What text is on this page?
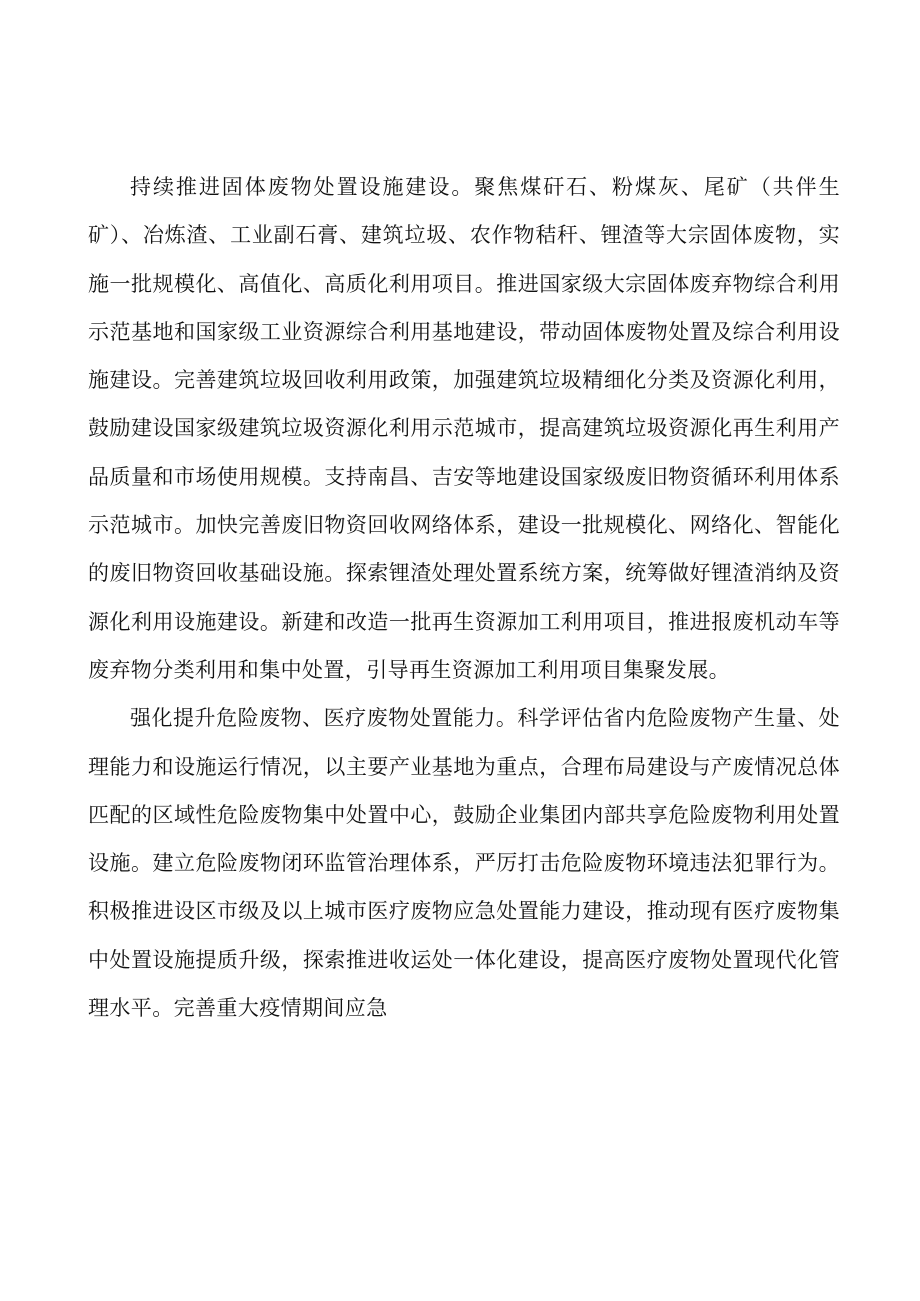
持续推进固体废物处置设施建设。聚焦煤矸石、粉煤灰、尾矿（共伴生矿）、冶炼渣、工业副石膏、建筑垃圾、农作物秸秆、锂渣等大宗固体废物，实施一批规模化、高值化、高质化利用项目。推进国家级大宗固体废弃物综合利用示范基地和国家级工业资源综合利用基地建设，带动固体废物处置及综合利用设施建设。完善建筑垃圾回收利用政策，加强建筑垃圾精细化分类及资源化利用，鼓励建设国家级建筑垃圾资源化利用示范城市，提高建筑垃圾资源化再生利用产品质量和市场使用规模。支持南昌、吉安等地建设国家级废旧物资循环利用体系示范城市。加快完善废旧物资回收网络体系，建设一批规模化、网络化、智能化的废旧物资回收基础设施。探索锂渣处理处置系统方案，统筹做好锂渣消纳及资源化利用设施建设。新建和改造一批再生资源加工利用项目，推进报废机动车等废弃物分类利用和集中处置，引导再生资源加工利用项目集聚发展。

强化提升危险废物、医疗废物处置能力。科学评估省内危险废物产生量、处理能力和设施运行情况，以主要产业基地为重点，合理布局建设与产废情况总体匹配的区域性危险废物集中处置中心，鼓励企业集团内部共享危险废物利用处置设施。建立危险废物闭环监管治理体系，严厉打击危险废物环境违法犯罪行为。积极推进设区市级及以上城市医疗废物应急处置能力建设，推动现有医疗废物集中处置设施提质升级，探索推进收运处一体化建设，提高医疗废物处置现代化管理水平。完善重大疫情期间应急
